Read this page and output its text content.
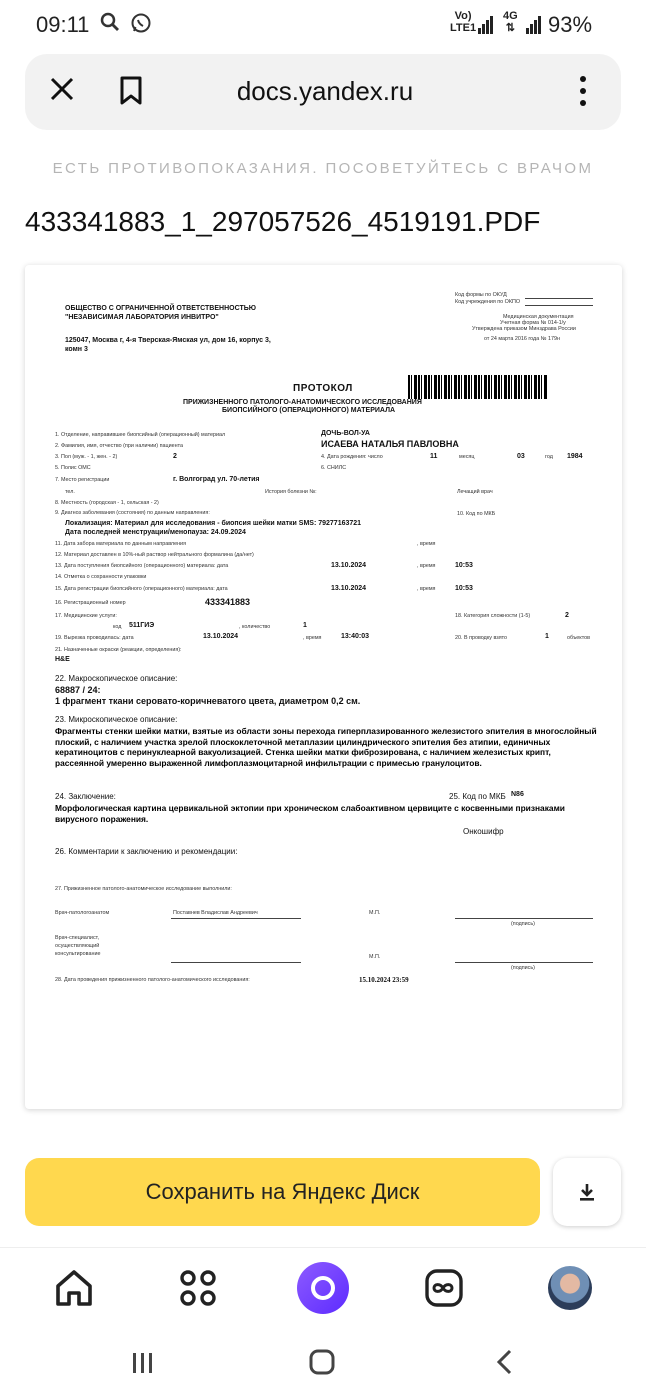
09:11	Vo)
LTE1
4G
⇅ 93%
docs.yandex.ru
ЕСТЬ ПРОТИВОПОКАЗАНИЯ. ПОСОВЕТУЙТЕСЬ С ВРАЧОМ
433341883_1_297057526_4519191.PDF
ОБЩЕСТВО С ОГРАНИЧЕННОЙ ОТВЕТСТВЕННОСТЬЮ
"НЕЗАВИСИМАЯ ЛАБОРАТОРИЯ ИНВИТРО"
125047, Москва г, 4-я Тверская-Ямская ул, дом 16, корпус 3,
комн 3
Код формы по ОКУД
Код учреждения по ОКПО
Медицинская документация
Учетная форма № 014-1/у
Утверждена приказом Минздрава России
от 24 марта 2016 года № 179н
ПРОТОКОЛ
ПРИЖИЗНЕННОГО ПАТОЛОГО-АНАТОМИЧЕСКОГО ИССЛЕДОВАНИЯ
БИОПСИЙНОГО (ОПЕРАЦИОННОГО) МАТЕРИАЛА
1. Отделение, направившее биопсийный (операционный) материал	ДОЧЬ-ВОЛ-УА
2. Фамилия, имя, отчество (при наличии) пациента	ИСАЕВА НАТАЛЬЯ ПАВЛОВНА
3. Пол (муж. - 1, жен. - 2)	2	4. Дата рождения: число	11	месяц	03	год 1984
5. Полис ОМС	6. СНИЛС
7. Место регистрации	г. Волгоград ул. 70-летия
тел.	История болезни №:	Лечащий врач
8. Местность (городская - 1, сельская - 2)
9. Диагноз заболевания (состояния) по данным направления:	10. Код по МКБ
Локализация: Материал для исследования - биопсия шейки матки SMS: 79277163721
Дата последней менструации/менопауза: 24.09.2024
11. Дата забора материала по данным направления	, время
12. Материал доставлен в 10%-ный раствор нейтрального формалина (да/нет)
13. Дата поступления биопсийного (операционного) материала: дата	13.10.2024	, время	10:53
14. Отметка о сохранности упаковки
15. Дата регистрации биопсийного (операционного) материала: дата	13.10.2024	, время	10:53
16. Регистрационный номер	433341883
17. Медицинские услуги:	18. Категория сложности (1-5)	2
код 511ГИЭ	, количество	1
19. Вырезка проводилась: дата	13.10.2024	, время	13:40:03	20. В проводку взято	1	объектов
21. Назначенные окраски (реакции, определения):
H&E
22. Макроскопическое описание:
68887 / 24:
1 фрагмент ткани серовато-коричневатого цвета, диаметром 0,2 см.
23. Микроскопическое описание:
Фрагменты стенки шейки матки, взятые из области зоны перехода гиперплазированного железистого эпителия в многослойный плоский, с наличием участка зрелой плоскоклеточной метаплазии цилиндрического эпителия без атипии, единичных кератиноцитов с перинуклеарной вакуолизацией. Стенка шейки матки фиброзирована, с наличием железистых крипт, рассеянной умеренно выраженной лимфоплазмоцитарной инфильтрации с примесью гранулоцитов.
24. Заключение:	25. Код по МКБ N86
Морфологическая картина цервикальной эктопии при хроническом слабоактивном цервиците с косвенными признаками вирусного поражения.
Онкошифр
26. Комментарии к заключению и рекомендации:
27. Прижизненное патолого-анатомическое исследование выполнили:
Врач-патологоанатом	Поставнев Владислав Андреевич	М.П.
(подпись)
Врач-специалист,
осуществляющий
консультирование	М.П.
(подпись)
28. Дата проведения прижизненного патолого-анатомического исследования:	15.10.2024 23:59
Сохранить на Яндекс Диск
